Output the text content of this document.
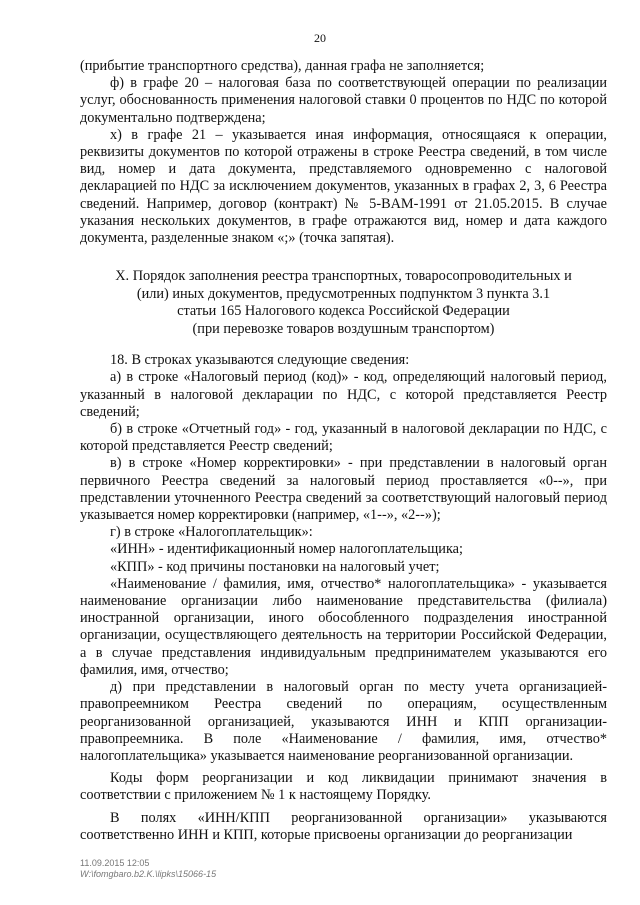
20

(прибытие транспортного средства), данная графа не заполняется;

ф) в графе 20 – налоговая база по соответствующей операции по реализации услуг, обоснованность применения налоговой ставки 0 процентов по НДС по которой документально подтверждена;

х) в графе 21 – указывается иная информация, относящаяся к операции, реквизиты документов по которой отражены в строке Реестра сведений, в том числе вид, номер и дата документа, представляемого одновременно с налоговой декларацией по НДС за исключением документов, указанных в графах 2, 3, 6 Реестра сведений. Например, договор (контракт) № 5-BAM-1991 от 21.05.2015. В случае указания нескольких документов, в графе отражаются вид, номер и дата каждого документа, разделенные знаком «;» (точка запятая).

X. Порядок заполнения реестра транспортных, товаросопроводительных и
(или) иных документов, предусмотренных подпунктом 3 пункта 3.1
статьи 165 Налогового кодекса Российской Федерации
(при перевозке товаров воздушным транспортом)

18. В строках указываются следующие сведения:

а) в строке «Налоговый период (код)» - код, определяющий налоговый период, указанный в налоговой декларации по НДС, с которой представляется Реестр сведений;

б) в строке «Отчетный год» - год, указанный в налоговой декларации по НДС, с которой представляется Реестр сведений;

в) в строке «Номер корректировки» - при представлении в налоговый орган первичного Реестра сведений за налоговый период проставляется «0--», при представлении уточненного Реестра сведений за соответствующий налоговый период указывается номер корректировки (например, «1--», «2--»);

г) в строке «Налогоплательщик»:

«ИНН» - идентификационный номер налогоплательщика;

«КПП» - код причины постановки на налоговый учет;

«Наименование / фамилия, имя, отчество* налогоплательщика» - указывается наименование организации либо наименование представительства (филиала) иностранной организации, иного обособленного подразделения иностранной организации, осуществляющего деятельность на территории Российской Федерации, а в случае представления индивидуальным предпринимателем указываются его фамилия, имя, отчество;

д) при представлении в налоговый орган по месту учета организацией-правопреемником Реестра сведений по операциям, осуществленным реорганизованной организацией, указываются ИНН и КПП организации-правопреемника. В поле «Наименование / фамилия, имя, отчество* налогоплательщика» указывается наименование реорганизованной организации.

Коды форм реорганизации и код ликвидации принимают значения в соответствии с приложением № 1 к настоящему Порядку.

В полях «ИНН/КПП реорганизованной организации» указываются соответственно ИНН и КПП, которые присвоены организации до реорганизации

11.09.2015 12:05
W:\fomgbaro.b2.K.\lipks\15066-15
